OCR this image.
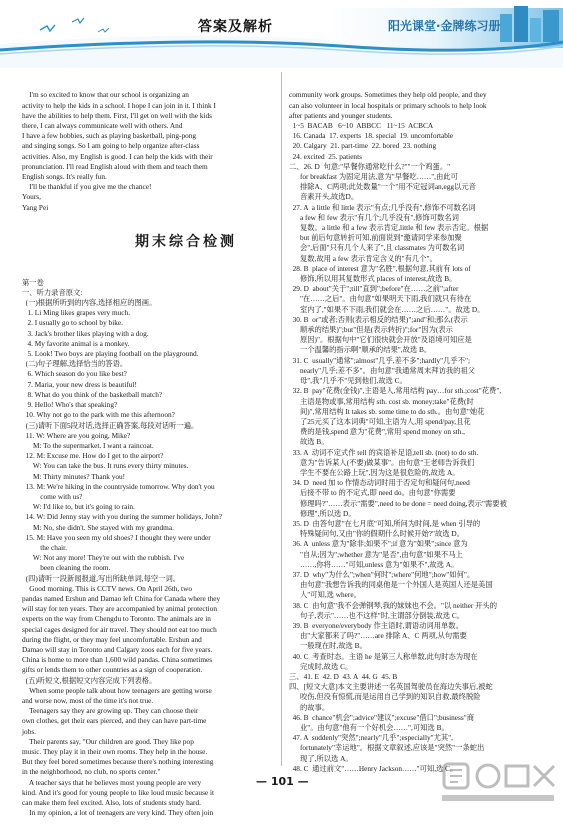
答案及解析	阳光课堂·金牌练习册

I'm so excited to know that our school is organizing an
activity to help the kids in a school. I hope I can join in it. I think I
have the abilities to help them. First, I'll get on well with the kids
there, I can always communicate well with others. And
I have a few hobbies, such as playing basketball, ping-pong
and singing songs. So I am going to help organize after-class
activities. Also, my English is good. I can help the kids with their
pronunciation. I'll read English aloud with them and teach them
English songs. It's really fun.
I'll be thankful if you give me the chance!
Yours,
Yang Pei

第一卷
一、听力录音原文:
(一)根据所听到的内容,选择相应的图画。
1. Li Ming likes grapes very much.
2. I usually go to school by bike.
3. Jack's brother likes playing with a dog.
4. My favorite animal is a monkey.
5. Look! Two boys are playing football on the playground.
(二)句子理解,选择恰当的答语。
6. Which season do you like best?
7. Maria, your new dress is beautiful!
8. What do you think of the basketball match?
9. Hello! Who's that speaking?
10. Why not go to the park with me this afternoon?
(三)请听下面5段对话,选择正确答案,每段对话听一遍。
11. W: Where are you going, Mike?
M: To the supermarket. I want a raincoat.
12. M: Excuse me. How do I get to the airport?
W: You can take the bus. It runs every thirty minutes.
M: Thirty minutes? Thank you!
13. M: We're hiking in the countryside tomorrow. Why don't you
come with us?
W: I'd like to, but it's going to rain.
14. W: Did Jenny stay with you during the summer holidays, John?
M: No, she didn't. She stayed with my grandma.
15. M: Have you seen my old shoes? I thought they were under
the chair.
W: Not any more! They're out with the rubbish. I've
been cleaning the room.
(四)请听一段新闻报道,写出所缺单词,每空一词。
Good morning. This is CCTV news. On April 26th, two
pandas named Ershun and Damao left China for Canada where they
will stay for ten years. They are accompanied by animal protection
experts on the way from Chengdu to Toronto. The animals are in
special cages designed for air travel. They should not eat too much
during the flight, or they may feel uncomfortable. Ershun and
Damao will stay in Toronto and Calgary zoos each for five years.
China is home to more than 1,600 wild pandas. China sometimes
gifts or lends them to other countries as a sign of cooperation.
(五)听短文,根据短文内容完成下列表格。
When some people talk about how teenagers are getting worse
and worse now, most of the time it's not true.
Teenagers say they are growing up. They can choose their
own clothes, get their ears pierced, and they can have part-time
jobs.
Their parents say, "Our children are good. They like pop
music. They play it in their own rooms. They help in the house.
But they feel bored sometimes because there's nothing interesting
in the neighborhood, no club, no sports center."
A teacher says that he believes most young people are very
kind. And it's good for young people to like loud music because it
can make them feel excited. Also, lots of students study hard.
In my opinion, a lot of teenagers are very kind. They often join

期末综合检测

community work groups. Sometimes they help old people, and they
can also volunteer in local hospitals or primary schools to help look
after patients and younger students.
1~5  BACAB   6~10  ABBCC   11~15  ACBCA
16. Canada  17. experts  18. special  19. uncomfortable
20. Calgary  21. part-time  22. bored  23. nothing
24. excited  25. patients
二、26. D  句意:"早餐你通常吃什么?""一个鸡蛋。"
for breakfast 为固定用法,意为"早餐吃……",由此可
排除A、C两项;此处数量"一个"用不定冠词an,egg以元音
音素开头,故选D。
27. A  a little 和 little 表示"有点;几乎没有",修饰不可数名词
a few 和 few 表示"有几个;几乎没有",修饰可数名词
复数。a little 和 a few 表示肯定,little 和 few 表示否定。根据
but 前后句意转折可知,前面说到"邀请同学来参加聚
会",后面"只有几个人来了",且 classmates 为可数名词
复数,故用 a few 表示肯定含义的"有几个"。
28. B  place of interest 意为"名胜",根据句意,其前有 lots of
修饰,所以用其复数形式 places of interest,故选 B。
29. D  about"关于";till"直到";before"在……之前";after
"在……之后"。由句意"如果明天下雨,我们就只有待在
室内了,"如果不下雨,我们就会在……之后……"。故选 D。
30. B  or"或者;否则(表示相反的结果)";and"和;那么(表示
顺承的结果)";but"但是(表示转折)";for"因为(表示
原因)"。根据句中"它们很快就会开放"及语境可知应是
一个温馨的指示啊"顺承的结果",故选 B。
31. C  usually"通常";almost"几乎,差不多";hardly"几乎不";
nearly"几乎;差不多"。由句意"我通常周末拜访我的祖父
母",我"几乎不"见到他们,故选 C。
32. B  pay"花费(金钱)",主语是人,常用结构 pay…for sth.;cost"花费",
主语是物或事,常用结构 sth. cost sb. money;take"花费(时
间)",常用结构 It takes sb. some time to do sth.。由句意"她花
了25元买了这本词典"可知,主语为人,用 spend/pay,且花
费的是钱,spend 意为"花费",常用 spend money on sth.,
故选 B。
33. A  动词不定式作 tell 的宾语补足语,tell sb. (not) to do sth.
意为"告诉某人(不要)做某事"。由句意"王老师告诉我们
学生不要在公路上玩",因为这是很危险的,故选 A。
34. D  need 加 to 作情态动词时用于否定句和疑问句,need
后接不带 to 的不定式,即 need do。由句意"你需要
修理吗?"……表示"需要",need to be done = need doing,表示"需要被
修理",所以选 D。
35. D  由答句意"在七月底"可知,所问为时间,是 when 引导的
特殊疑问句,又由"你的假期什么时候开始?"故选 D。
36. A  unless 意为"除非;如果不";if 意为"如果";since 意为
"自从;因为";whether 意为"是否",由句意"如果不马上
……,你将……"可知,unless 意为"如果不",故选 A。
37. D  why"为什么";when"何时";where"何地";how"如何"。
由句意"我想告诉我的同桌他是一个外国人是英国人还是美国
人"可知,选 where。
38. C  由句意"我不会弹钢琴,我的妹妹也不会。"以 neither 开头的
句子,表示"……也不这样"时,主谓部分倒装,故选 C。
39. B  everyone/everybody 作主语时,谓语动词用单数。
由"大家都来了吗?"……are 排除 A、C 两项,从句需要
一般现在时,故选 B。
40. C  考查时态。主语 he 是第三人称单数,此句时态为现在
完成时,故选 C。
三、41. E  42. D  43. A  44. G  45. B
四、[短文大意]本文主要讲述一名英国驾驶员在海边失事后,被蛇
咬伤,但没有惊慌,而是运用自己学到的知识自救,最终脱险
的故事。
46. B  chance"机会";advice"建议";excuse"借口";business"商
业"。由句意"他有一个好机会……",可知选 B。
47. A  suddenly"突然";nearly"几乎";especially"尤其",
fortunately"幸运地"。根据文章叙述,应该是"突然"一条蛇出
现了,所以选 A。
48. C  通过前文"……Henry Jackson……"可知,选 C。

— 101 —
